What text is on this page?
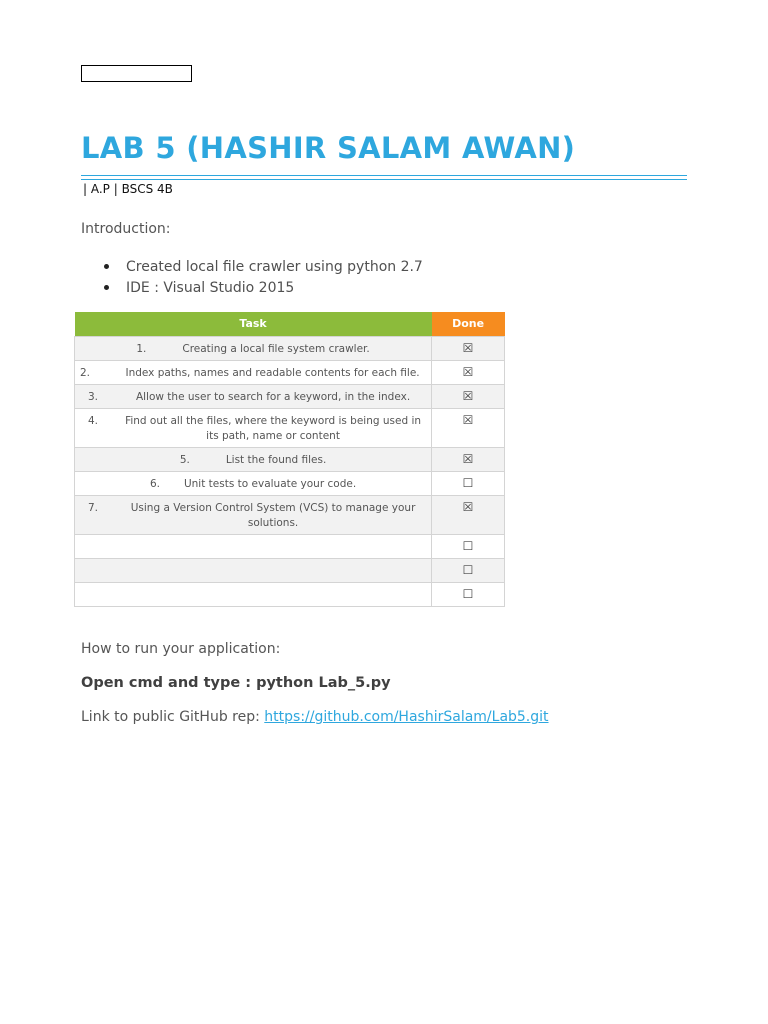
LAB 5 (HASHIR SALAM AWAN)
| A.P | BSCS 4B
Introduction:
Created local file crawler using python 2.7
IDE : Visual Studio 2015
Task	Done

1. Creating a local file system crawler.	☒

2. Index paths, names and readable contents for each file.	☒

3. Allow the user to search for a keyword, in the index.	☒

4. Find out all the files, where the keyword is being used in its path, name or content	☒

5. List the found files.	☒

6. Unit tests to evaluate your code.	☐

7. Using a Version Control System (VCS) to manage your solutions.	☒

	☐

	☐

	☐
How to run your application:
Open cmd and type : python Lab_5.py
Link to public GitHub rep: https://github.com/HashirSalam/Lab5.git
